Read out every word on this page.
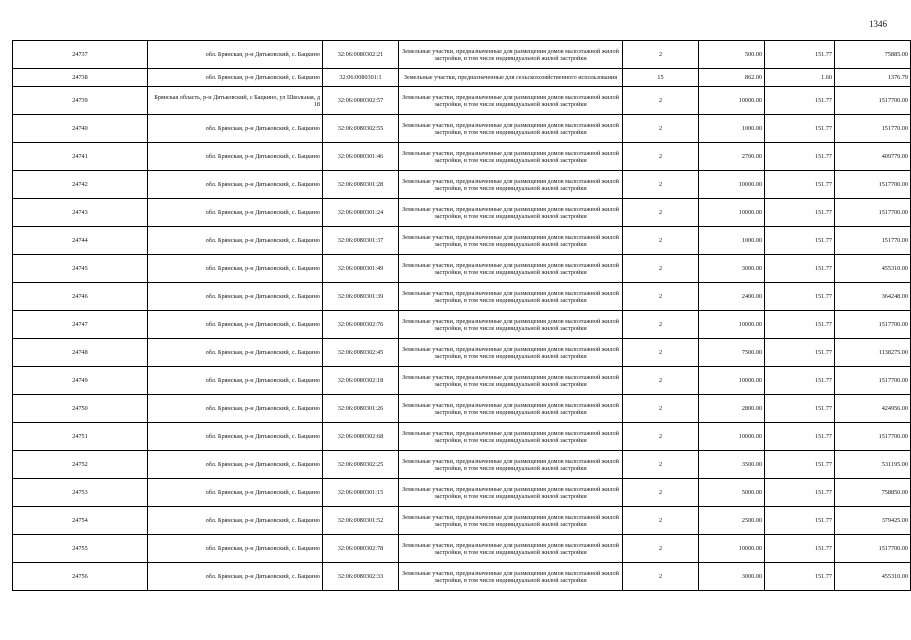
1346
24737	обл. Брянская, р-н Дятьковский, с. Бацкино	32:06:0080302:21	Земельные участки, предназначенные для размещения домов малоэтажной жилой застройки, в том числе индивидуальной жилой застройки	2	500.00	151.77	75885.00
24738	обл. Брянская, р-н Дятьковский, с. Бацкино	32:06:0080301:1	Земельные участки, предназначенные для сельскохозяйственного использования	15	862.00	1.60	1376.79
24739	Брянская область, р-н Дятьковский, с Бацкино, ул Школьная, д 18	32:06:0080302:57	Земельные участки, предназначенные для размещения домов малоэтажной жилой застройки, в том числе индивидуальной жилой застройки	2	10000.00	151.77	1517700.00
24740	обл. Брянская, р-н Дятьковский, с. Бацкино	32:06:0080302:55	Земельные участки, предназначенные для размещения домов малоэтажной жилой застройки, в том числе индивидуальной жилой застройки	2	1000.00	151.77	151770.00
24741	обл. Брянская, р-н Дятьковский, с. Бацкино	32:06:0080301:46	Земельные участки, предназначенные для размещения домов малоэтажной жилой застройки, в том числе индивидуальной жилой застройки	2	2700.00	151.77	409779.00
24742	обл. Брянская, р-н Дятьковский, с. Бацкино	32:06:0080301:28	Земельные участки, предназначенные для размещения домов малоэтажной жилой застройки, в том числе индивидуальной жилой застройки	2	10000.00	151.77	1517700.00
24743	обл. Брянская, р-н Дятьковский, с. Бацкино	32:06:0080301:24	Земельные участки, предназначенные для размещения домов малоэтажной жилой застройки, в том числе индивидуальной жилой застройки	2	10000.00	151.77	1517700.00
24744	обл. Брянская, р-н Дятьковский, с. Бацкино	32:06:0080301:37	Земельные участки, предназначенные для размещения домов малоэтажной жилой застройки, в том числе индивидуальной жилой застройки	2	1000.00	151.77	151770.00
24745	обл. Брянская, р-н Дятьковский, с. Бацкино	32:06:0080301:49	Земельные участки, предназначенные для размещения домов малоэтажной жилой застройки, в том числе индивидуальной жилой застройки	2	3000.00	151.77	455310.00
24746	обл. Брянская, р-н Дятьковский, с. Бацкино	32:06:0080301:39	Земельные участки, предназначенные для размещения домов малоэтажной жилой застройки, в том числе индивидуальной жилой застройки	2	2400.00	151.77	364248.00
24747	обл. Брянская, р-н Дятьковский, с. Бацкино	32:06:0080302:76	Земельные участки, предназначенные для размещения домов малоэтажной жилой застройки, в том числе индивидуальной жилой застройки	2	10000.00	151.77	1517700.00
24748	обл. Брянская, р-н Дятьковский, с. Бацкино	32:06:0080302:45	Земельные участки, предназначенные для размещения домов малоэтажной жилой застройки, в том числе индивидуальной жилой застройки	2	7500.00	151.77	1138275.00
24749	обл. Брянская, р-н Дятьковский, с. Бацкино	32:06:0080302:18	Земельные участки, предназначенные для размещения домов малоэтажной жилой застройки, в том числе индивидуальной жилой застройки	2	10000.00	151.77	1517700.00
24750	обл. Брянская, р-н Дятьковский, с. Бацкино	32:06:0080301:26	Земельные участки, предназначенные для размещения домов малоэтажной жилой застройки, в том числе индивидуальной жилой застройки	2	2800.00	151.77	424956.00
24751	обл. Брянская, р-н Дятьковский, с. Бацкино	32:06:0080302:68	Земельные участки, предназначенные для размещения домов малоэтажной жилой застройки, в том числе индивидуальной жилой застройки	2	10000.00	151.77	1517700.00
24752	обл. Брянская, р-н Дятьковский, с. Бацкино	32:06:0080302:25	Земельные участки, предназначенные для размещения домов малоэтажной жилой застройки, в том числе индивидуальной жилой застройки	2	3500.00	151.77	531195.00
24753	обл. Брянская, р-н Дятьковский, с. Бацкино	32:06:0080301:15	Земельные участки, предназначенные для размещения домов малоэтажной жилой застройки, в том числе индивидуальной жилой застройки	2	5000.00	151.77	758850.00
24754	обл. Брянская, р-н Дятьковский, с. Бацкино	32:06:0080301:52	Земельные участки, предназначенные для размещения домов малоэтажной жилой застройки, в том числе индивидуальной жилой застройки	2	2500.00	151.77	379425.00
24755	обл. Брянская, р-н Дятьковский, с. Бацкино	32:06:0080302:78	Земельные участки, предназначенные для размещения домов малоэтажной жилой застройки, в том числе индивидуальной жилой застройки	2	10000.00	151.77	1517700.00
24756	обл. Брянская, р-н Дятьковский, с. Бацкино	32:06:0080302:33	Земельные участки, предназначенные для размещения домов малоэтажной жилой застройки, в том числе индивидуальной жилой застройки	2	3000.00	151.77	455310.00
